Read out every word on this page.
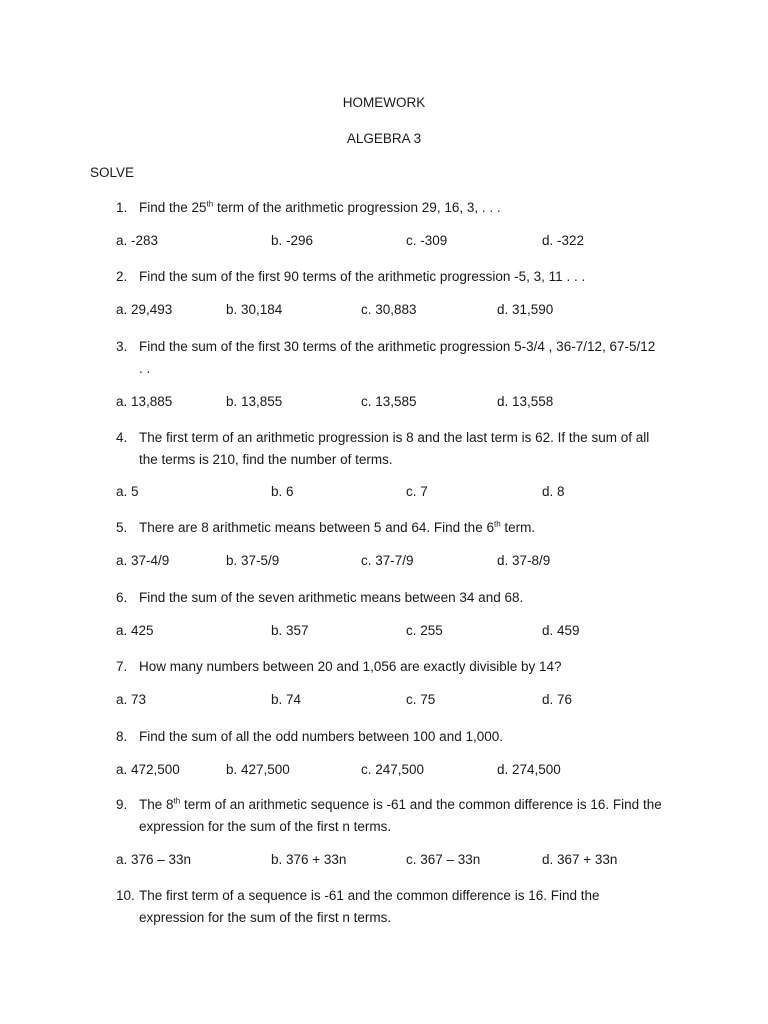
HOMEWORK
ALGEBRA 3
SOLVE
1. Find the 25th term of the arithmetic progression 29, 16, 3, . . .
a. -283	b. -296	c. -309	d. -322
2. Find the sum of the first 90 terms of the arithmetic progression -5, 3, 11 . . .
a. 29,493	b. 30,184	c. 30,883	d. 31,590
3. Find the sum of the first 30 terms of the arithmetic progression 5-3/4 , 36-7/12, 67-5/12
. .
a. 13,885	b. 13,855	c. 13,585	d. 13,558
4. The first term of an arithmetic progression is 8 and the last term is 62. If the sum of all
the terms is 210, find the number of terms.
a. 5	b. 6	c. 7	d. 8
5. There are 8 arithmetic means between 5 and 64. Find the 6th term.
a. 37-4/9	b. 37-5/9	c. 37-7/9	d. 37-8/9
6. Find the sum of the seven arithmetic means between 34 and 68.
a. 425	b. 357	c. 255	d. 459
7. How many numbers between 20 and 1,056 are exactly divisible by 14?
a. 73	b. 74	c. 75	d. 76
8. Find the sum of all the odd numbers between 100 and 1,000.
a. 472,500	b. 427,500	c. 247,500	d. 274,500
9. The 8th term of an arithmetic sequence is -61 and the common difference is 16. Find the
expression for the sum of the first n terms.
a. 376 – 33n	b. 376 + 33n	c. 367 – 33n	d. 367 + 33n
10. The first term of a sequence is -61 and the common difference is 16. Find the
expression for the sum of the first n terms.
